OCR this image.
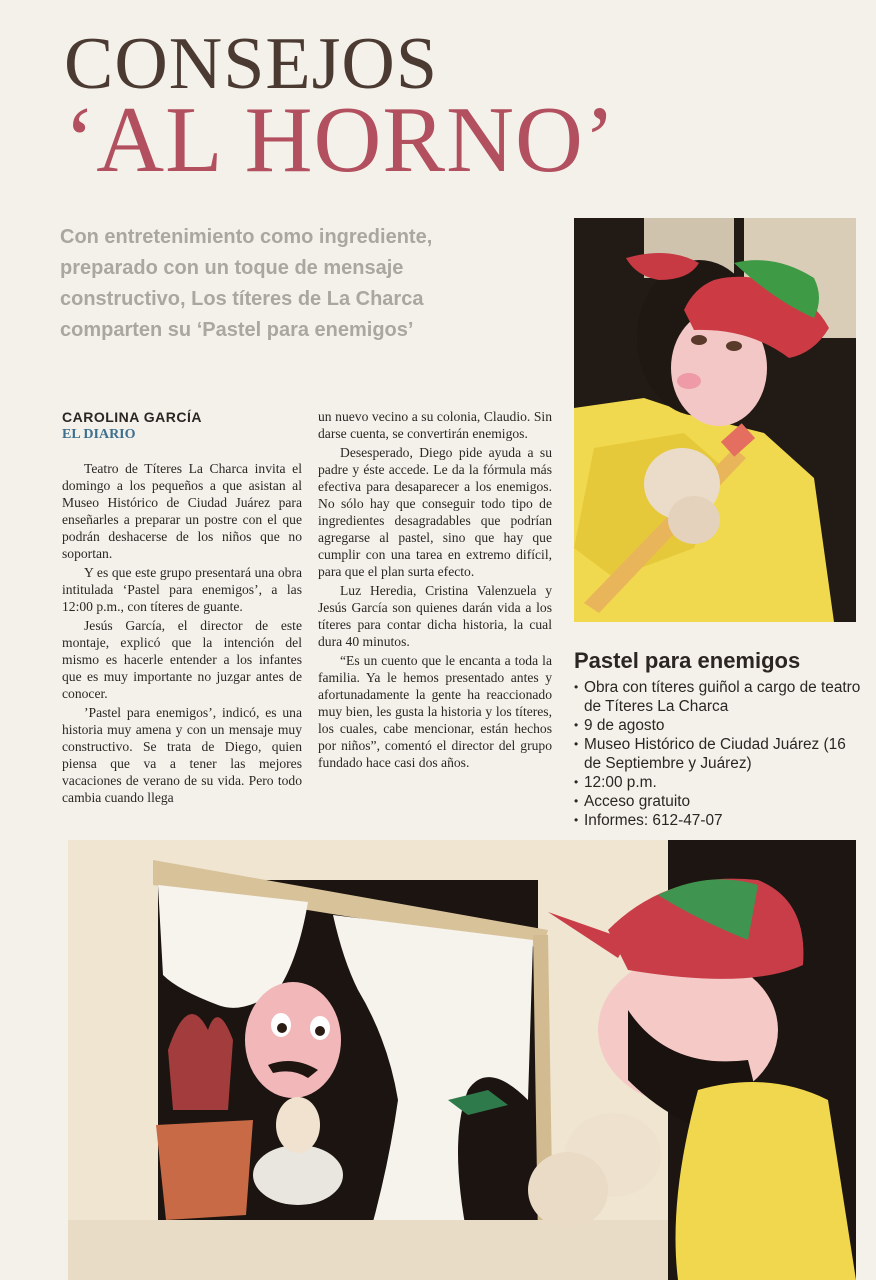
CONSEJOS
‘AL HORNO’
Con entretenimiento como ingrediente, preparado con un toque de mensaje constructivo, Los títeres de La Charca comparten su ‘Pastel para enemigos’
CAROLINA GARCÍA
EL DIARIO

Teatro de Títeres La Charca invita el domingo a los pequeños a que asistan al Museo Histórico de Ciudad Juárez para enseñarles a preparar un postre con el que podrán deshacerse de los niños que no soportan.

Y es que este grupo presentará una obra intitulada ‘Pastel para enemigos’, a las 12:00 p.m., con títeres de guante.

Jesús García, el director de este montaje, explicó que la intención del mismo es hacerle entender a los infantes que es muy importante no juzgar antes de conocer.

’Pastel para enemigos’, indicó, es una historia muy amena y con un mensaje muy constructivo. Se trata de Diego, quien piensa que va a tener las mejores vacaciones de verano de su vida. Pero todo cambia cuando llega

un nuevo vecino a su colonia, Claudio. Sin darse cuenta, se convertirán enemigos.

Desesperado, Diego pide ayuda a su padre y éste accede. Le da la fórmula más efectiva para desaparecer a los enemigos. No sólo hay que conseguir todo tipo de ingredientes desagradables que podrían agregarse al pastel, sino que hay que cumplir con una tarea en extremo difícil, para que el plan surta efecto.

Luz Heredia, Cristina Valenzuela y Jesús García son quienes darán vida a los títeres para contar dicha historia, la cual dura 40 minutos.

“Es un cuento que le encanta a toda la familia. Ya le hemos presentado antes y afortunadamente la gente ha reaccionado muy bien, les gusta la historia y los títeres, los cuales, cabe mencionar, están hechos por niños”, comentó el director del grupo fundado hace casi dos años.

Pastel para enemigos
• Obra con títeres guiñol a cargo de teatro de Títeres La Charca
• 9 de agosto
• Museo Histórico de Ciudad Juárez (16 de Septiembre y Juárez)
• 12:00 p.m.
• Acceso gratuito
• Informes: 612-47-07
